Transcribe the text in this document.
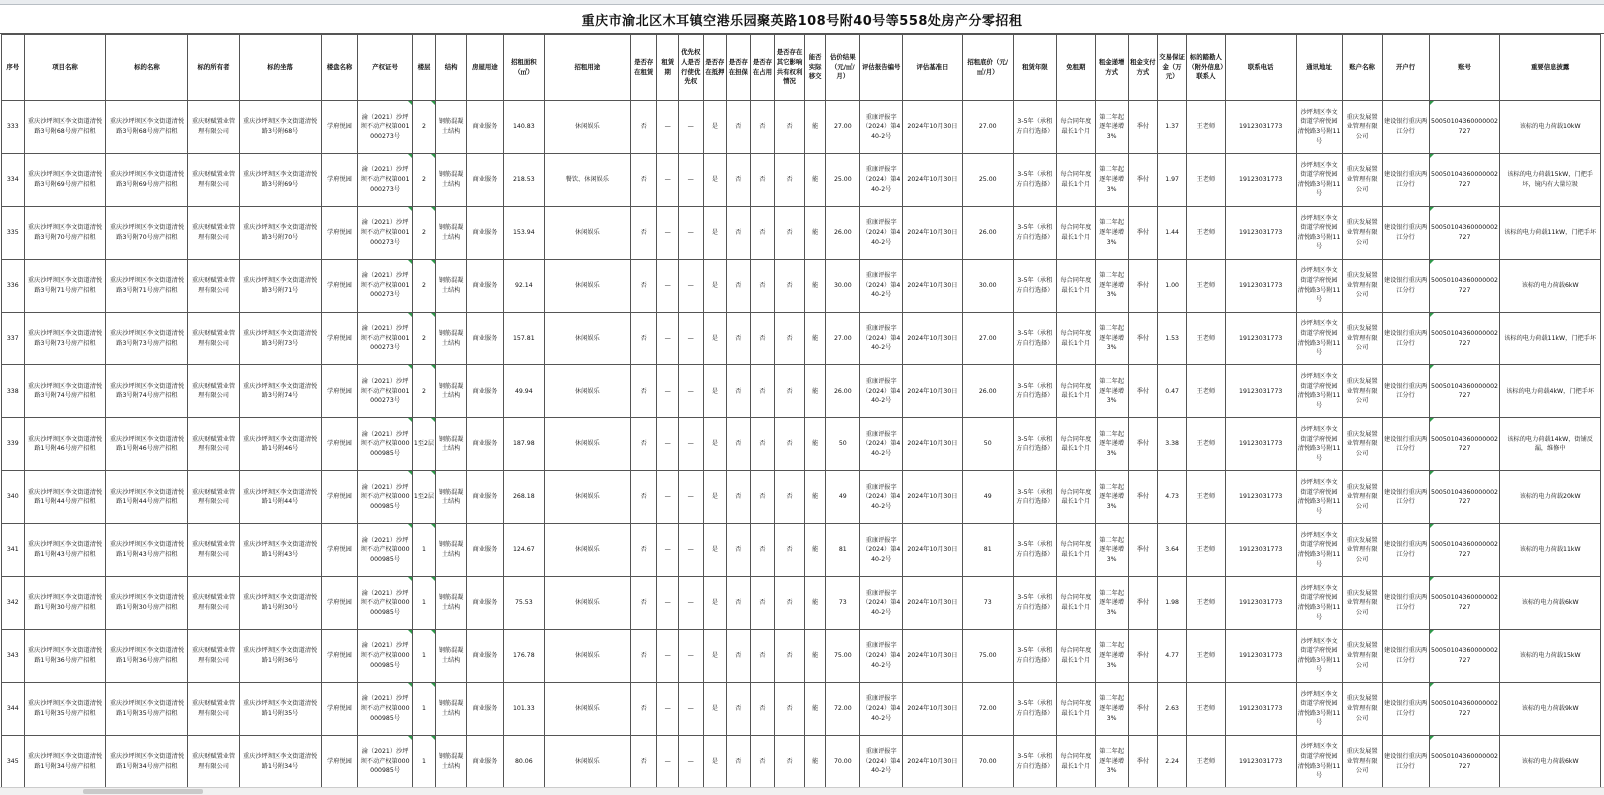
重庆市渝北区木耳镇空港乐园聚英路108号附40号等558处房产分零招租
序号	项目名称	标的名称	标的所有者	标的坐落	楼盘名称	产权证号	楼层	结构	房屋用途	招租面积（㎡）	招租用途	是否存在租赁	租赁期	优先权人是否行使优先权	是否存在抵押	是否存在担保	是否存在占用	是否存在其它影响共有权利情况	能否实际移交	估价结果（元/㎡/月）	评估报告编号	评估基准日	招租底价（元/㎡/月）	租赁年限	免租期	租金递增方式	租金支付方式	交易保证金（万元）	标的踏勘人（附外信息）联系人	联系电话	通讯地址	账户名称	开户行	账号	重要信息披露
333	重庆沙坪坝区李文街道清悦路3号附68号房产招租	重庆沙坪坝区李文街道清悦路3号附68号房产招租	重庆财赋置业管理有限公司	重庆沙坪坝区李文街道清悦路3号附68号	学府悦园	渝（2021）沙坪坝不动产权第001000273号	2	钢筋混凝土结构	商业服务	140.83	休闲娱乐	否	—	—	是	否	否	否	能	27.00	重康评报字（2024）第440-2号	2024年10月30日	27.00	3-5年（承租方自行选择）	每合同年度最长1个月	第二年起逐年递增3%	季付	1.37	王老师	19123031773	沙坪坝区李文街道学府悦园清悦路3号附11号	重庆发展置业管理有限公司	建设银行重庆两江分行	50050104360000002727	该标的电力荷载10kW
334	重庆沙坪坝区李文街道清悦路3号附69号房产招租	重庆沙坪坝区李文街道清悦路3号附69号房产招租	重庆财赋置业管理有限公司	重庆沙坪坝区李文街道清悦路3号附69号	学府悦园	渝（2021）沙坪坝不动产权第001000273号	2	钢筋混凝土结构	商业服务	218.53	餐饮、休闲娱乐	否	—	—	是	否	否	否	能	25.00	重康评报字（2024）第440-2号	2024年10月30日	25.00	3-5年（承租方自行选择）	每合同年度最长1个月	第二年起逐年递增3%	季付	1.97	王老师	19123031773	沙坪坝区李文街道学府悦园清悦路3号附11号	重庆发展置业管理有限公司	建设银行重庆两江分行	50050104360000002727	该标的电力荷载15kW，门把手坏，镜内有大量垃圾
335	重庆沙坪坝区李文街道清悦路3号附70号房产招租	重庆沙坪坝区李文街道清悦路3号附70号房产招租	重庆财赋置业管理有限公司	重庆沙坪坝区李文街道清悦路3号附70号	学府悦园	渝（2021）沙坪坝不动产权第001000273号	2	钢筋混凝土结构	商业服务	153.94	休闲娱乐	否	—	—	是	否	否	否	能	26.00	重康评报字（2024）第440-2号	2024年10月30日	26.00	3-5年（承租方自行选择）	每合同年度最长1个月	第二年起逐年递增3%	季付	1.44	王老师	19123031773	沙坪坝区李文街道学府悦园清悦路3号附11号	重庆发展置业管理有限公司	建设银行重庆两江分行	50050104360000002727	该标的电力荷载11kW，门把手坏
336	重庆沙坪坝区李文街道清悦路3号附71号房产招租	重庆沙坪坝区李文街道清悦路3号附71号房产招租	重庆财赋置业管理有限公司	重庆沙坪坝区李文街道清悦路3号附71号	学府悦园	渝（2021）沙坪坝不动产权第001000273号	2	钢筋混凝土结构	商业服务	92.14	休闲娱乐	否	—	—	是	否	否	否	能	30.00	重康评报字（2024）第440-2号	2024年10月30日	30.00	3-5年（承租方自行选择）	每合同年度最长1个月	第二年起逐年递增3%	季付	1.00	王老师	19123031773	沙坪坝区李文街道学府悦园清悦路3号附11号	重庆发展置业管理有限公司	建设银行重庆两江分行	50050104360000002727	该标的电力荷载6kW
337	重庆沙坪坝区李文街道清悦路3号附73号房产招租	重庆沙坪坝区李文街道清悦路3号附73号房产招租	重庆财赋置业管理有限公司	重庆沙坪坝区李文街道清悦路3号附73号	学府悦园	渝（2021）沙坪坝不动产权第001000273号	2	钢筋混凝土结构	商业服务	157.81	休闲娱乐	否	—	—	是	否	否	否	能	27.00	重康评报字（2024）第440-2号	2024年10月30日	27.00	3-5年（承租方自行选择）	每合同年度最长1个月	第二年起逐年递增3%	季付	1.53	王老师	19123031773	沙坪坝区李文街道学府悦园清悦路3号附11号	重庆发展置业管理有限公司	建设银行重庆两江分行	50050104360000002727	该标的电力荷载11kW，门把手坏
338	重庆沙坪坝区李文街道清悦路3号附74号房产招租	重庆沙坪坝区李文街道清悦路3号附74号房产招租	重庆财赋置业管理有限公司	重庆沙坪坝区李文街道清悦路3号附74号	学府悦园	渝（2021）沙坪坝不动产权第001000273号	2	钢筋混凝土结构	商业服务	49.94	休闲娱乐	否	—	—	是	否	否	否	能	26.00	重康评报字（2024）第440-2号	2024年10月30日	26.00	3-5年（承租方自行选择）	每合同年度最长1个月	第二年起逐年递增3%	季付	0.47	王老师	19123031773	沙坪坝区李文街道学府悦园清悦路3号附11号	重庆发展置业管理有限公司	建设银行重庆两江分行	50050104360000002727	该标的电力荷载4kW，门把手坏
339	重庆沙坪坝区李文街道清悦路1号附46号房产招租	重庆沙坪坝区李文街道清悦路1号附46号房产招租	重庆财赋置业管理有限公司	重庆沙坪坝区李文街道清悦路1号附46号	学府悦园	渝（2021）沙坪坝不动产权第000000985号	1至2层	钢筋混凝土结构	商业服务	187.98	休闲娱乐	否	—	—	是	否	否	否	能	50	重康评报字（2024）第440-2号	2024年10月30日	50	3-5年（承租方自行选择）	每合同年度最长1个月	第二年起逐年递增3%	季付	3.38	王老师	19123031773	沙坪坝区李文街道学府悦园清悦路3号附11号	重庆发展置业管理有限公司	建设银行重庆两江分行	50050104360000002727	该标的电力荷载14kW，街铺反漏，维修中
340	重庆沙坪坝区李文街道清悦路1号附44号房产招租	重庆沙坪坝区李文街道清悦路1号附44号房产招租	重庆财赋置业管理有限公司	重庆沙坪坝区李文街道清悦路1号附44号	学府悦园	渝（2021）沙坪坝不动产权第000000985号	1至2层	钢筋混凝土结构	商业服务	268.18	休闲娱乐	否	—	—	是	否	否	否	能	49	重康评报字（2024）第440-2号	2024年10月30日	49	3-5年（承租方自行选择）	每合同年度最长1个月	第二年起逐年递增3%	季付	4.73	王老师	19123031773	沙坪坝区李文街道学府悦园清悦路3号附11号	重庆发展置业管理有限公司	建设银行重庆两江分行	50050104360000002727	该标的电力荷载20kW
341	重庆沙坪坝区李文街道清悦路1号附43号房产招租	重庆沙坪坝区李文街道清悦路1号附43号房产招租	重庆财赋置业管理有限公司	重庆沙坪坝区李文街道清悦路1号附43号	学府悦园	渝（2021）沙坪坝不动产权第000000985号	1	钢筋混凝土结构	商业服务	124.67	休闲娱乐	否	—	—	是	否	否	否	能	81	重康评报字（2024）第440-2号	2024年10月30日	81	3-5年（承租方自行选择）	每合同年度最长1个月	第二年起逐年递增3%	季付	3.64	王老师	19123031773	沙坪坝区李文街道学府悦园清悦路3号附11号	重庆发展置业管理有限公司	建设银行重庆两江分行	50050104360000002727	该标的电力荷载11kW
342	重庆沙坪坝区李文街道清悦路1号附30号房产招租	重庆沙坪坝区李文街道清悦路1号附30号房产招租	重庆财赋置业管理有限公司	重庆沙坪坝区李文街道清悦路1号附30号	学府悦园	渝（2021）沙坪坝不动产权第000000985号	1	钢筋混凝土结构	商业服务	75.53	休闲娱乐	否	—	—	是	否	否	否	能	73	重康评报字（2024）第440-2号	2024年10月30日	73	3-5年（承租方自行选择）	每合同年度最长1个月	第二年起逐年递增3%	季付	1.98	王老师	19123031773	沙坪坝区李文街道学府悦园清悦路3号附11号	重庆发展置业管理有限公司	建设银行重庆两江分行	50050104360000002727	该标的电力荷载6kW
343	重庆沙坪坝区李文街道清悦路1号附36号房产招租	重庆沙坪坝区李文街道清悦路1号附36号房产招租	重庆财赋置业管理有限公司	重庆沙坪坝区李文街道清悦路1号附36号	学府悦园	渝（2021）沙坪坝不动产权第000000985号	1	钢筋混凝土结构	商业服务	176.78	休闲娱乐	否	—	—	是	否	否	否	能	75.00	重康评报字（2024）第440-2号	2024年10月30日	75.00	3-5年（承租方自行选择）	每合同年度最长1个月	第二年起逐年递增3%	季付	4.77	王老师	19123031773	沙坪坝区李文街道学府悦园清悦路3号附11号	重庆发展置业管理有限公司	建设银行重庆两江分行	50050104360000002727	该标的电力荷载15kW
344	重庆沙坪坝区李文街道清悦路1号附35号房产招租	重庆沙坪坝区李文街道清悦路1号附35号房产招租	重庆财赋置业管理有限公司	重庆沙坪坝区李文街道清悦路1号附35号	学府悦园	渝（2021）沙坪坝不动产权第000000985号	1	钢筋混凝土结构	商业服务	101.33	休闲娱乐	否	—	—	是	否	否	否	能	72.00	重康评报字（2024）第440-2号	2024年10月30日	72.00	3-5年（承租方自行选择）	每合同年度最长1个月	第二年起逐年递增3%	季付	2.63	王老师	19123031773	沙坪坝区李文街道学府悦园清悦路3号附11号	重庆发展置业管理有限公司	建设银行重庆两江分行	50050104360000002727	该标的电力荷载9kW
345	重庆沙坪坝区李文街道清悦路1号附34号房产招租	重庆沙坪坝区李文街道清悦路1号附34号房产招租	重庆财赋置业管理有限公司	重庆沙坪坝区李文街道清悦路1号附34号	学府悦园	渝（2021）沙坪坝不动产权第000000985号	1	钢筋混凝土结构	商业服务	80.06	休闲娱乐	否	—	—	是	否	否	否	能	70.00	重康评报字（2024）第440-2号	2024年10月30日	70.00	3-5年（承租方自行选择）	每合同年度最长1个月	第二年起逐年递增3%	季付	2.24	王老师	19123031773	沙坪坝区李文街道学府悦园清悦路3号附11号	重庆发展置业管理有限公司	建设银行重庆两江分行	50050104360000002727	该标的电力荷载6kW
